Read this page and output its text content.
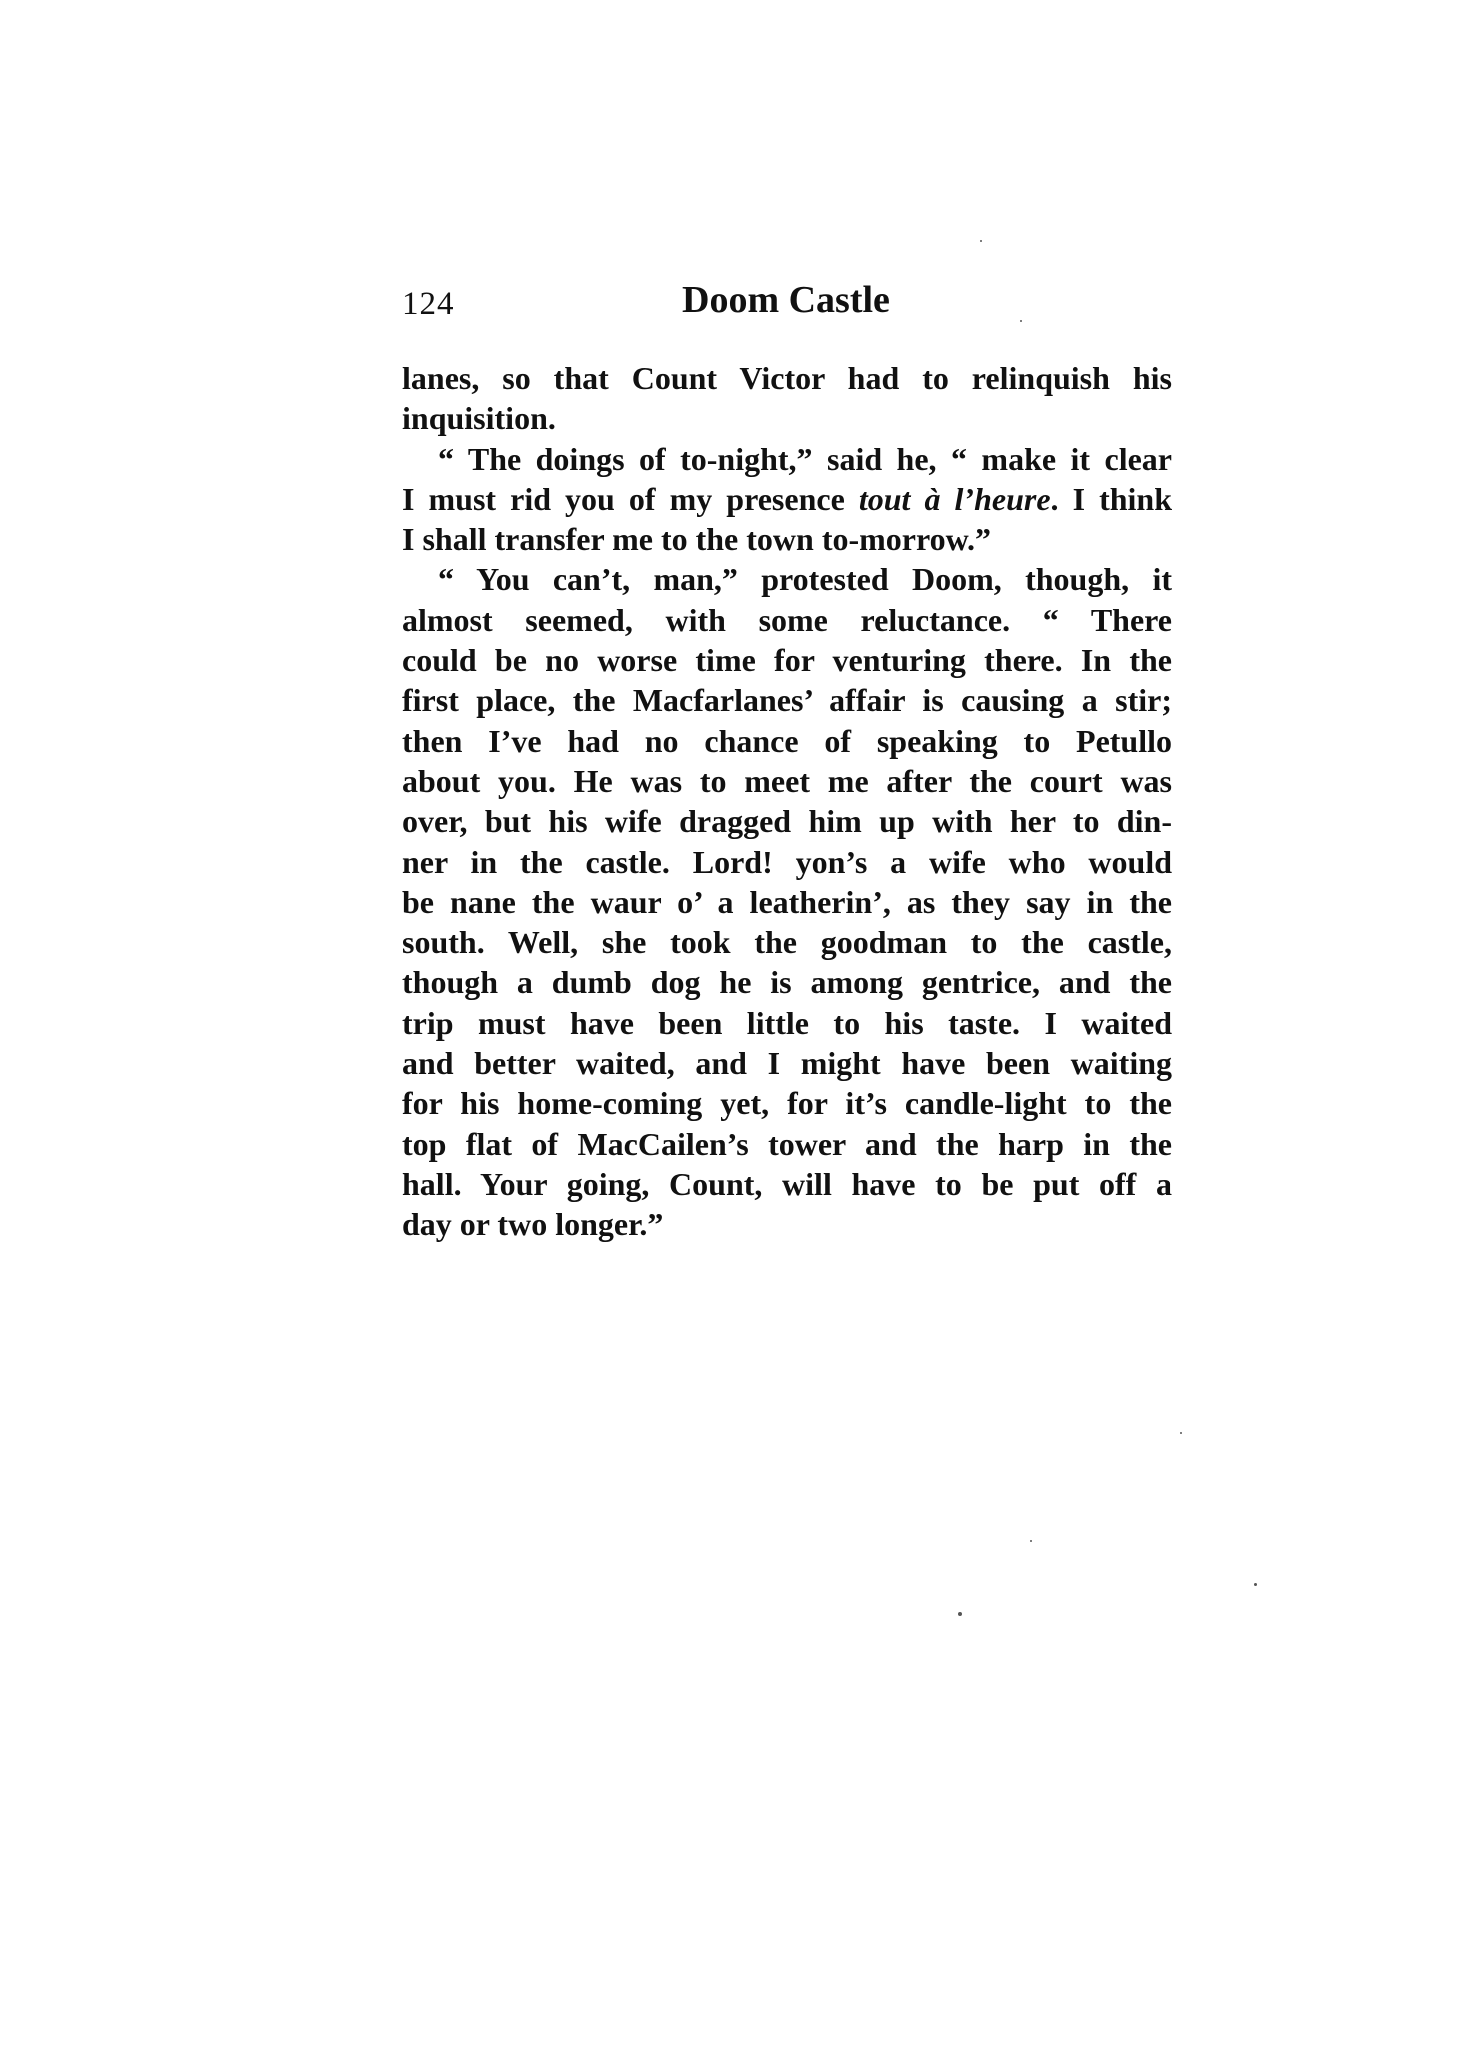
124	Doom Castle
lanes, so that Count Victor had to relinquish his
inquisition.
“ The doings of to-night,” said he, “ make it clear
I must rid you of my presence tout à l’heure. I think
I shall transfer me to the town to-morrow.”
“ You can’t, man,” protested Doom, though, it
almost seemed, with some reluctance. “ There
could be no worse time for venturing there. In the
first place, the Macfarlanes’ affair is causing a stir;
then I’ve had no chance of speaking to Petullo
about you. He was to meet me after the court was
over, but his wife dragged him up with her to din-
ner in the castle. Lord! yon’s a wife who would
be nane the waur o’ a leatherin’, as they say in the
south. Well, she took the goodman to the castle,
though a dumb dog he is among gentrice, and the
trip must have been little to his taste. I waited
and better waited, and I might have been waiting
for his home-coming yet, for it’s candle-light to the
top flat of MacCailen’s tower and the harp in the
hall. Your going, Count, will have to be put off a
day or two longer.”
